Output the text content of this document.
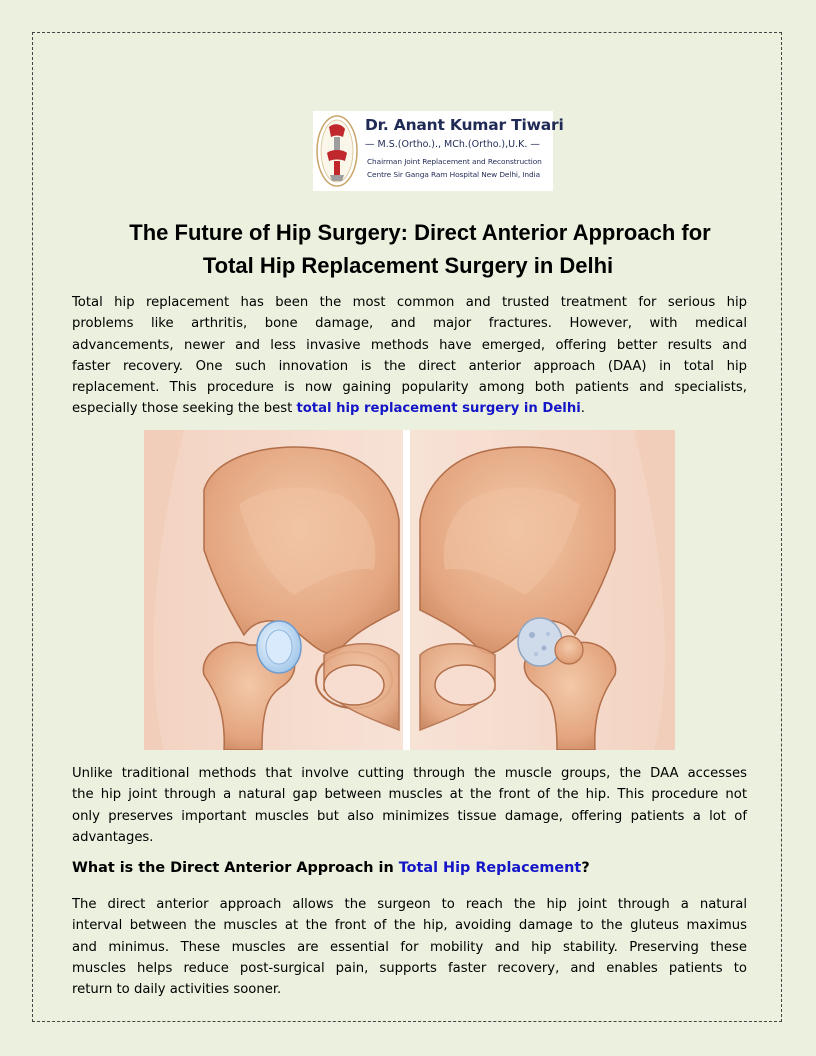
Dr. Anant Kumar Tiwari
— M.S.(Ortho.)., MCh.(Ortho.),U.K. —
Chairman Joint Replacement and Reconstruction
Centre Sir Ganga Ram Hospital New Delhi, India
The Future of Hip Surgery: Direct Anterior Approach for
Total Hip Replacement Surgery in Delhi
Total hip replacement has been the most common and trusted treatment for serious hip
problems like arthritis, bone damage, and major fractures. However, with medical
advancements, newer and less invasive methods have emerged, offering better results and
faster recovery. One such innovation is the direct anterior approach (DAA) in total hip
replacement. This procedure is now gaining popularity among both patients and specialists,
especially those seeking the best total hip replacement surgery in Delhi.
Unlike traditional methods that involve cutting through the muscle groups, the DAA accesses
the hip joint through a natural gap between muscles at the front of the hip. This procedure not
only preserves important muscles but also minimizes tissue damage, offering patients a lot of
advantages.
What is the Direct Anterior Approach in Total Hip Replacement?
The direct anterior approach allows the surgeon to reach the hip joint through a natural
interval between the muscles at the front of the hip, avoiding damage to the gluteus maximus
and minimus. These muscles are essential for mobility and hip stability. Preserving these
muscles helps reduce post-surgical pain, supports faster recovery, and enables patients to
return to daily activities sooner.
